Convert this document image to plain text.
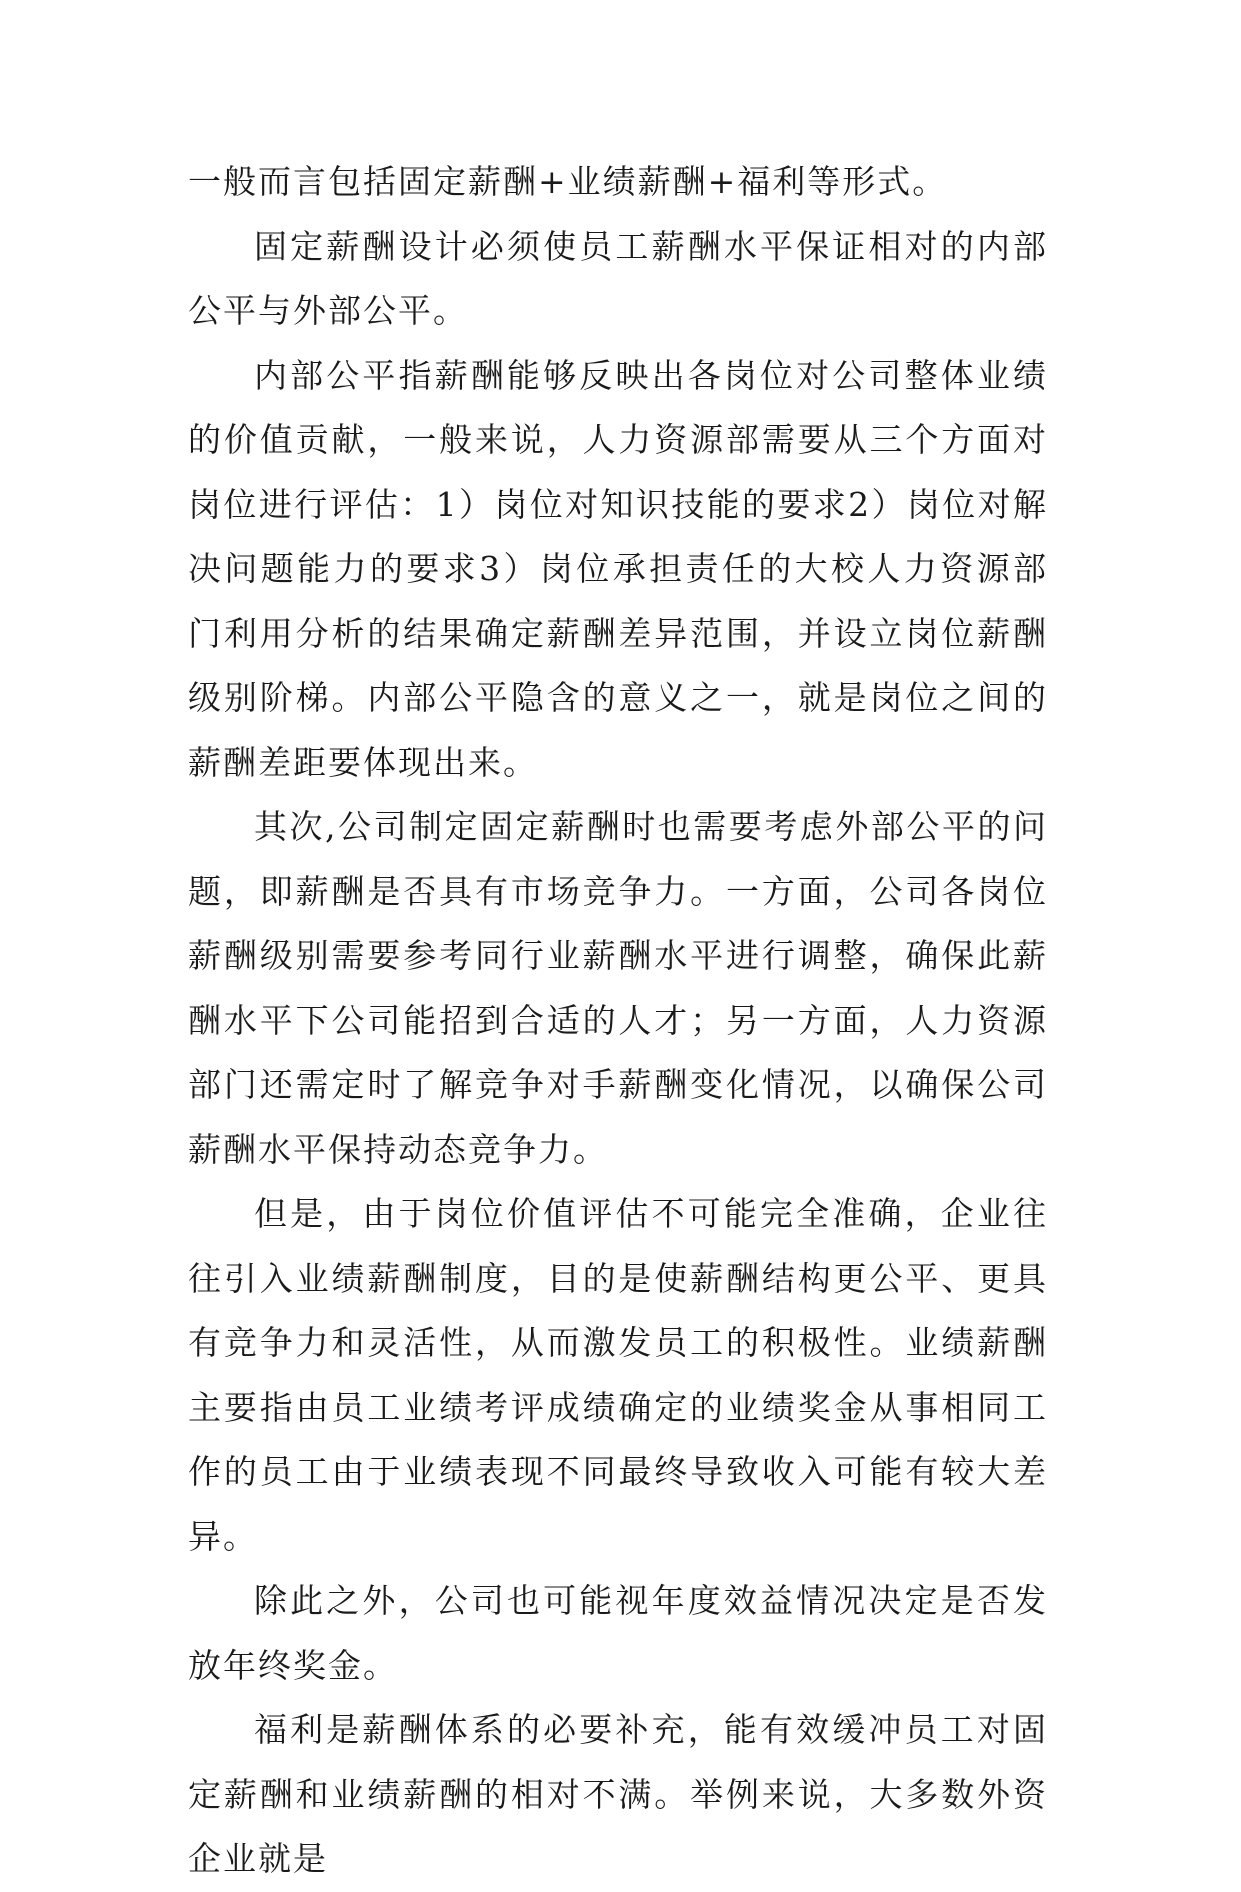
一般而言包括固定薪酬+业绩薪酬+福利等形式。

固定薪酬设计必须使员工薪酬水平保证相对的内部公平与外部公平。

内部公平指薪酬能够反映出各岗位对公司整体业绩的价值贡献，一般来说，人力资源部需要从三个方面对岗位进行评估：1）岗位对知识技能的要求2）岗位对解决问题能力的要求3）岗位承担责任的大校人力资源部门利用分析的结果确定薪酬差异范围，并设立岗位薪酬级别阶梯。内部公平隐含的意义之一，就是岗位之间的薪酬差距要体现出来。

其次,公司制定固定薪酬时也需要考虑外部公平的问题，即薪酬是否具有市场竞争力。一方面，公司各岗位薪酬级别需要参考同行业薪酬水平进行调整，确保此薪酬水平下公司能招到合适的人才；另一方面，人力资源部门还需定时了解竞争对手薪酬变化情况，以确保公司薪酬水平保持动态竞争力。

但是，由于岗位价值评估不可能完全准确，企业往往引入业绩薪酬制度，目的是使薪酬结构更公平、更具有竞争力和灵活性，从而激发员工的积极性。业绩薪酬主要指由员工业绩考评成绩确定的业绩奖金从事相同工作的员工由于业绩表现不同最终导致收入可能有较大差异。

除此之外，公司也可能视年度效益情况决定是否发放年终奖金。

福利是薪酬体系的必要补充，能有效缓冲员工对固定薪酬和业绩薪酬的相对不满。举例来说，大多数外资企业就是
